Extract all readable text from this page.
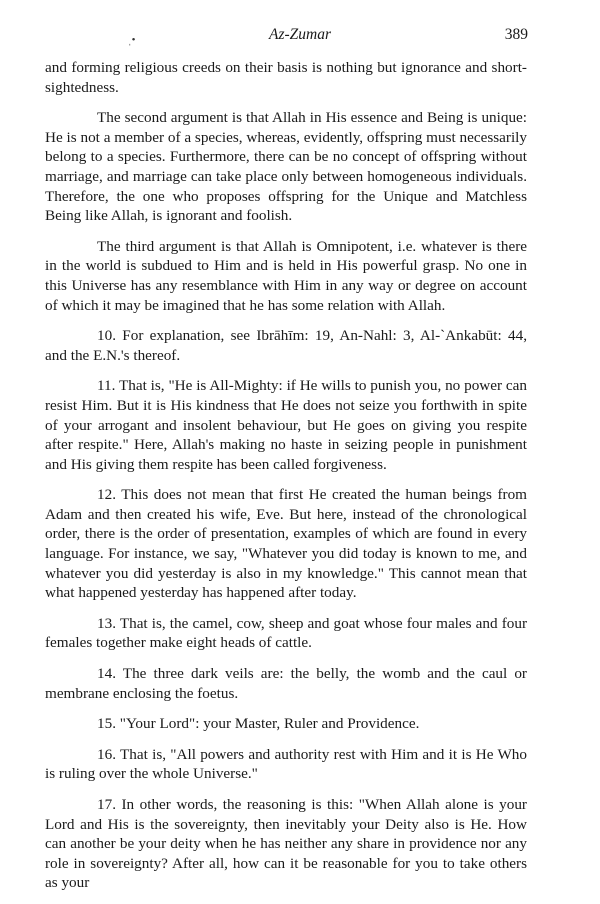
ˌ•	Az-Zumar	389

and forming religious creeds on their basis is nothing but ignorance and short-sightedness.

The second argument is that Allah in His essence and Being is unique: He is not a member of a species, whereas, evidently, offspring must necessarily belong to a species. Furthermore, there can be no concept of offspring without marriage, and marriage can take place only between homogeneous individuals. Therefore, the one who proposes offspring for the Unique and Matchless Being like Allah, is ignorant and foolish.

The third argument is that Allah is Omnipotent, i.e. whatever is there in the world is subdued to Him and is held in His powerful grasp. No one in this Universe has any resemblance with Him in any way or degree on account of which it may be imagined that he has some relation with Allah.

10. For explanation, see Ibrāhīm: 19, An-Nahl: 3, Al-`Ankabūt: 44, and the E.N.'s thereof.

11. That is, "He is All-Mighty: if He wills to punish you, no power can resist Him. But it is His kindness that He does not seize you forthwith in spite of your arrogant and insolent behaviour, but He goes on giving you respite after respite." Here, Allah's making no haste in seizing people in punishment and His giving them respite has been called forgiveness.

12. This does not mean that first He created the human beings from Adam and then created his wife, Eve. But here, instead of the chronological order, there is the order of presentation, examples of which are found in every language. For instance, we say, "Whatever you did today is known to me, and whatever you did yesterday is also in my knowledge." This cannot mean that what happened yesterday has happened after today.

13. That is, the camel, cow, sheep and goat whose four males and four females together make eight heads of cattle.

14. The three dark veils are: the belly, the womb and the caul or membrane enclosing the foetus.

15. "Your Lord": your Master, Ruler and Providence.

16. That is, "All powers and authority rest with Him and it is He Who is ruling over the whole Universe."

17. In other words, the reasoning is this: "When Allah alone is your Lord and His is the sovereignty, then inevitably your Deity also is He. How can another be your deity when he has neither any share in providence nor any role in sovereignty? After all, how can it be reasonable for you to take others as your
